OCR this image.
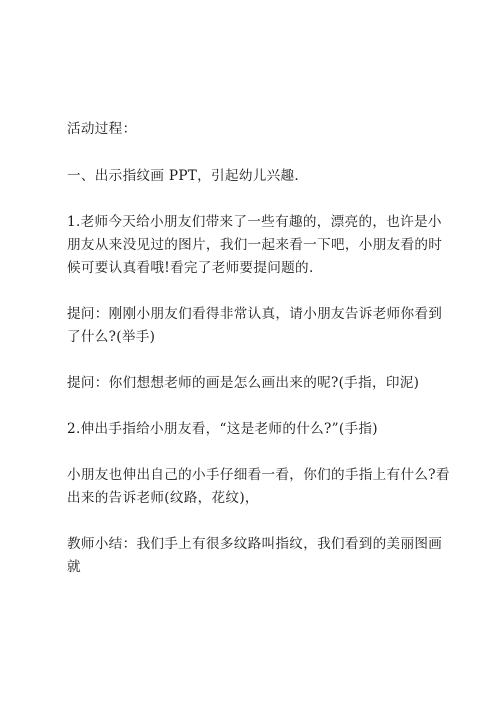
活动过程：

一、出示指纹画 PPT，引起幼儿兴趣.

1.老师今天给小朋友们带来了一些有趣的，漂亮的，也许是小朋友从来没见过的图片，我们一起来看一下吧，小朋友看的时候可要认真看哦!看完了老师要提问题的.

提问：刚刚小朋友们看得非常认真，请小朋友告诉老师你看到了什么?(举手)

提问：你们想想老师的画是怎么画出来的呢?(手指，印泥)

2.伸出手指给小朋友看，“这是老师的什么?”(手指)

小朋友也伸出自己的小手仔细看一看，你们的手指上有什么?看出来的告诉老师(纹路，花纹)，

教师小结：我们手上有很多纹路叫指纹，我们看到的美丽图画就
